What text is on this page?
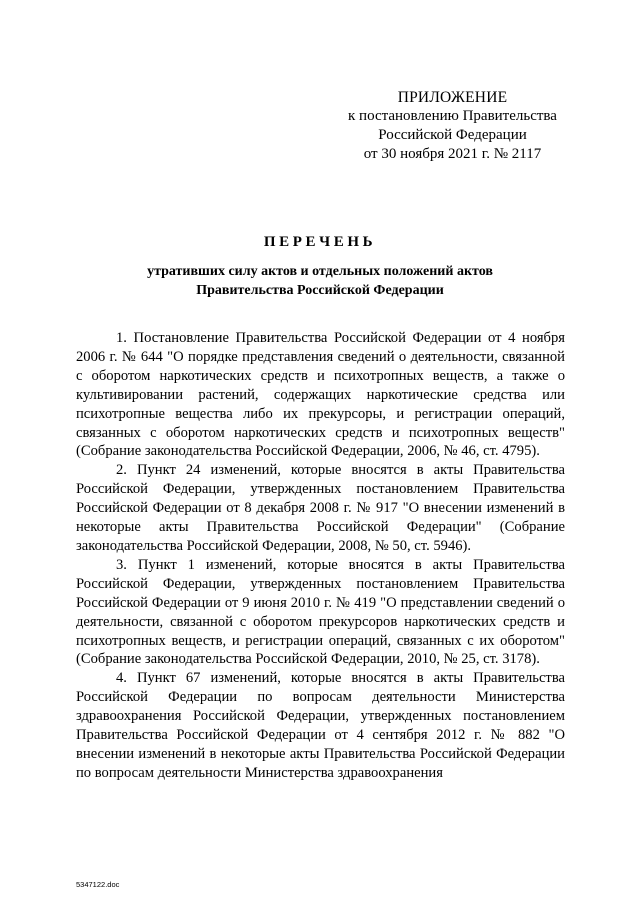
ПРИЛОЖЕНИЕ
к постановлению Правительства
Российской Федерации
от 30 ноября 2021 г. № 2117
ПЕРЕЧЕНЬ
утративших силу актов и отдельных положений актов
Правительства Российской Федерации

1. Постановление Правительства Российской Федерации от 4 ноября 2006 г. № 644 "О порядке представления сведений о деятельности, связанной с оборотом наркотических средств и психотропных веществ, а также о культивировании растений, содержащих наркотические средства или психотропные вещества либо их прекурсоры, и регистрации операций, связанных с оборотом наркотических средств и психотропных веществ" (Собрание законодательства Российской Федерации, 2006, № 46, ст. 4795).

2. Пункт 24 изменений, которые вносятся в акты Правительства Российской Федерации, утвержденных постановлением Правительства Российской Федерации от 8 декабря 2008 г. № 917 "О внесении изменений в некоторые акты Правительства Российской Федерации" (Собрание законодательства Российской Федерации, 2008, № 50, ст. 5946).

3. Пункт 1 изменений, которые вносятся в акты Правительства Российской Федерации, утвержденных постановлением Правительства Российской Федерации от 9 июня 2010 г. № 419 "О представлении сведений о деятельности, связанной с оборотом прекурсоров наркотических средств и психотропных веществ, и регистрации операций, связанных с их оборотом" (Собрание законодательства Российской Федерации, 2010, № 25, ст. 3178).

4. Пункт 67 изменений, которые вносятся в акты Правительства Российской Федерации по вопросам деятельности Министерства здравоохранения Российской Федерации, утвержденных постановлением Правительства Российской Федерации от 4 сентября 2012 г. № 882 "О внесении изменений в некоторые акты Правительства Российской Федерации по вопросам деятельности Министерства здравоохранения

5347122.doc
